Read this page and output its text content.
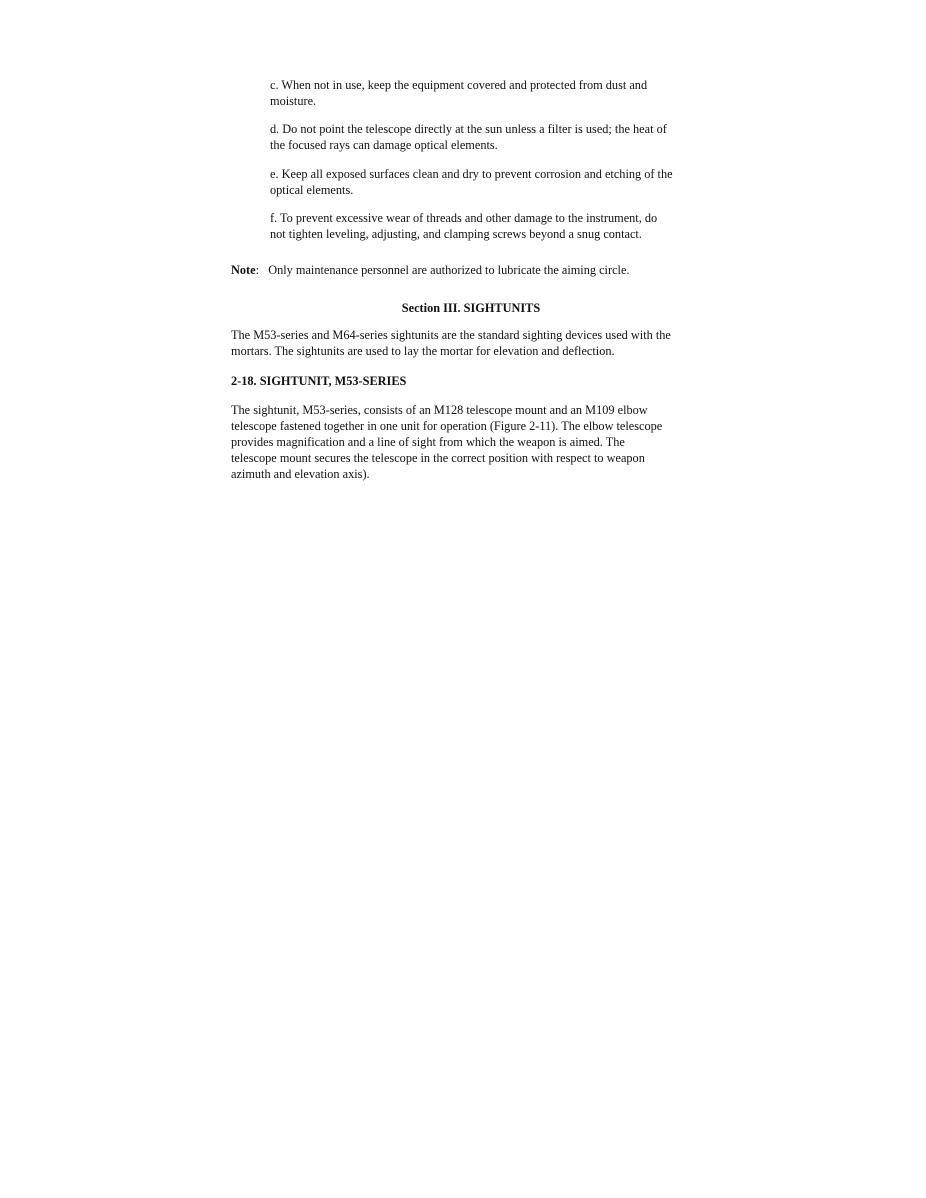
c. When not in use, keep the equipment covered and protected from dust and
moisture.

d. Do not point the telescope directly at the sun unless a filter is used; the heat of
the focused rays can damage optical elements.

e. Keep all exposed surfaces clean and dry to prevent corrosion and etching of the
optical elements.

f. To prevent excessive wear of threads and other damage to the instrument, do
not tighten leveling, adjusting, and clamping screws beyond a snug contact.

Note:   Only maintenance personnel are authorized to lubricate the aiming circle.

Section III. SIGHTUNITS

The M53-series and M64-series sightunits are the standard sighting devices used with the
mortars. The sightunits are used to lay the mortar for elevation and deflection.

2-18. SIGHTUNIT, M53-SERIES

The sightunit, M53-series, consists of an M128 telescope mount and an M109 elbow
telescope fastened together in one unit for operation (Figure 2-11). The elbow telescope
provides magnification and a line of sight from which the weapon is aimed. The
telescope mount secures the telescope in the correct position with respect to weapon
azimuth and elevation axis).
